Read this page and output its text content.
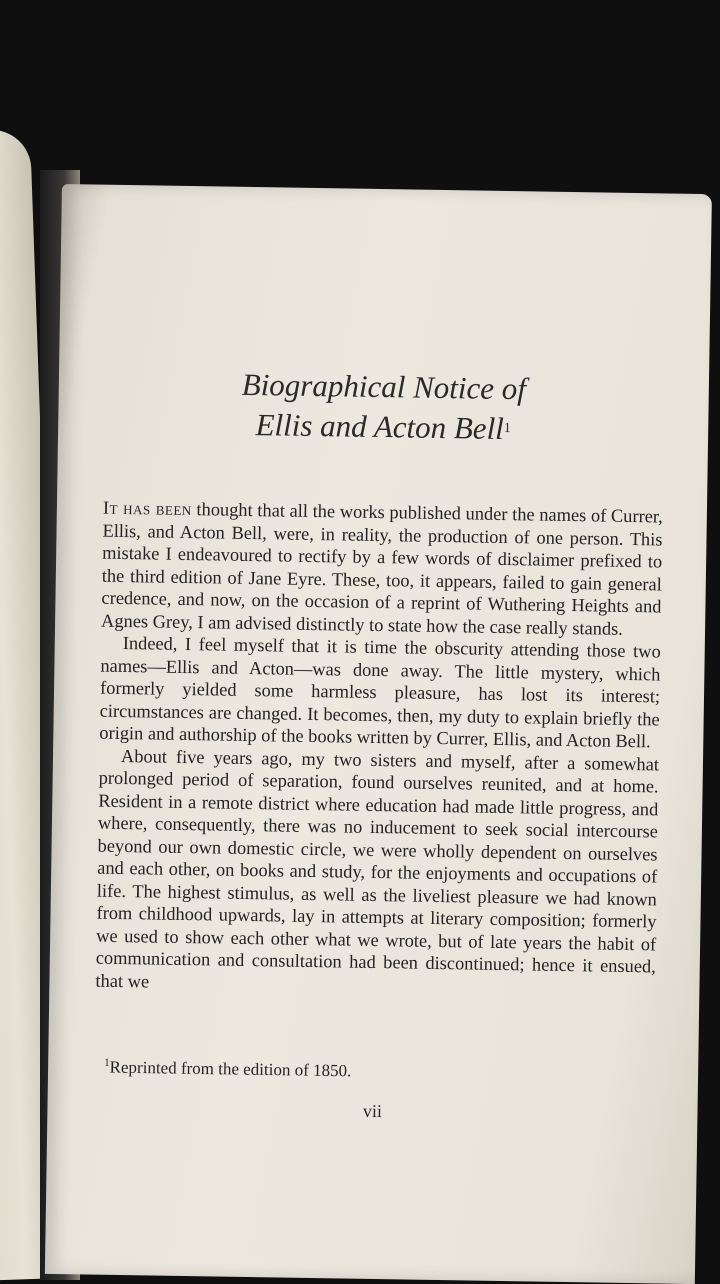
Biographical Notice of
Ellis and Acton Bell$^1$

It has been thought that all the works published under the names of Currer, Ellis, and Acton Bell, were, in reality, the production of one person. This mistake I endeavoured to rectify by a few words of disclaimer prefixed to the third edition of Jane Eyre. These, too, it appears, failed to gain general credence, and now, on the occasion of a reprint of Wuthering Heights and Agnes Grey, I am advised distinctly to state how the case really stands.

Indeed, I feel myself that it is time the obscurity attending those two names—Ellis and Acton—was done away. The little mystery, which formerly yielded some harmless pleasure, has lost its interest; circumstances are changed. It becomes, then, my duty to explain briefly the origin and authorship of the books written by Currer, Ellis, and Acton Bell.

About five years ago, my two sisters and myself, after a somewhat prolonged period of separation, found ourselves reunited, and at home. Resident in a remote district where education had made little progress, and where, consequently, there was no inducement to seek social intercourse beyond our own domestic circle, we were wholly dependent on ourselves and each other, on books and study, for the enjoyments and occupations of life. The highest stimulus, as well as the liveliest pleasure we had known from childhood upwards, lay in attempts at literary composition; formerly we used to show each other what we wrote, but of late years the habit of communication and consultation had been discontinued; hence it ensued, that we

$^1$Reprinted from the edition of 1850.
vii
